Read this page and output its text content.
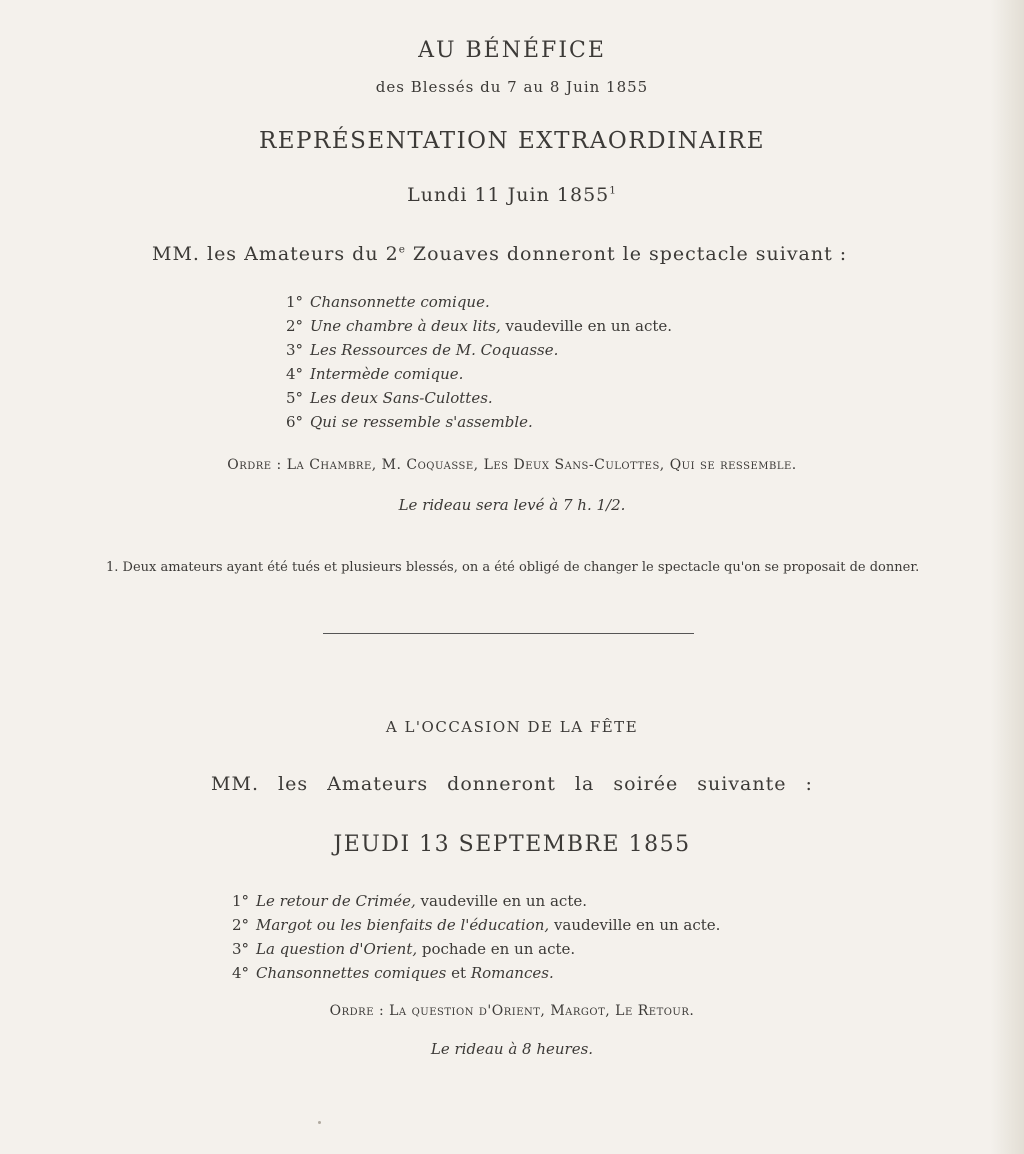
AU BÉNÉFICE
des Blessés du 7 au 8 Juin 1855
REPRÉSENTATION EXTRAORDINAIRE
Lundi 11 Juin 1855$^1$
MM. les Amateurs du 2e Zouaves donneront le spectacle suivant :
1° Chansonnette comique.
2° Une chambre à deux lits, vaudeville en un acte.
3° Les Ressources de M. Coquasse.
4° Intermède comique.
5° Les deux Sans-Culottes.
6° Qui se ressemble s'assemble.
Ordre : La Chambre, M. Coquasse, Les Deux Sans-Culottes, Qui se ressemble.
Le rideau sera levé à 7 h. 1/2.
1. Deux amateurs ayant été tués et plusieurs blessés, on a été obligé de changer le spectacle qu'on se proposait de donner.
A L'OCCASION DE LA FÊTE
MM. les Amateurs donneront la soirée suivante :
JEUDI 13 SEPTEMBRE 1855
1° Le retour de Crimée, vaudeville en un acte.
2° Margot ou les bienfaits de l'éducation, vaudeville en un acte.
3° La question d'Orient, pochade en un acte.
4° Chansonnettes comiques et Romances.
Ordre : La question d'Orient, Margot, Le Retour.
Le rideau à 8 heures.
